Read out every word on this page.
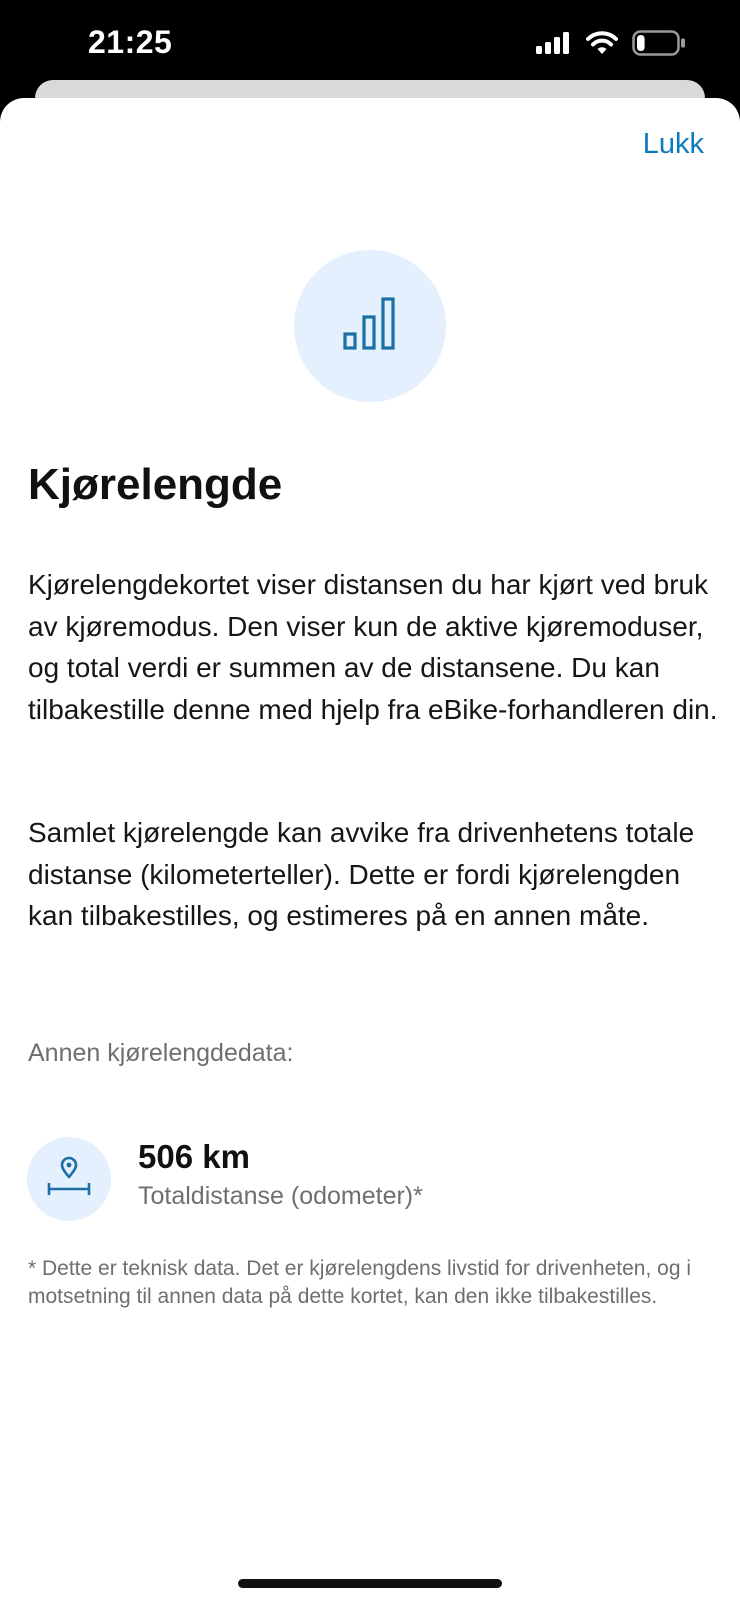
21:25
Lukk
Kjørelengde

Kjørelengdekortet viser distansen du har kjørt ved bruk av kjøremodus. Den viser kun de aktive kjøremoduser, og total verdi er summen av de distansene. Du kan tilbakestille denne med hjelp fra eBike-forhandleren din.

Samlet kjørelengde kan avvike fra drivenhetens totale distanse (kilometerteller). Dette er fordi kjørelengden kan tilbakestilles, og estimeres på en annen måte.

Annen kjørelengdedata:
506 km
Totaldistanse (odometer)*

* Dette er teknisk data. Det er kjørelengdens livstid for drivenheten, og i motsetning til annen data på dette kortet, kan den ikke tilbakestilles.
